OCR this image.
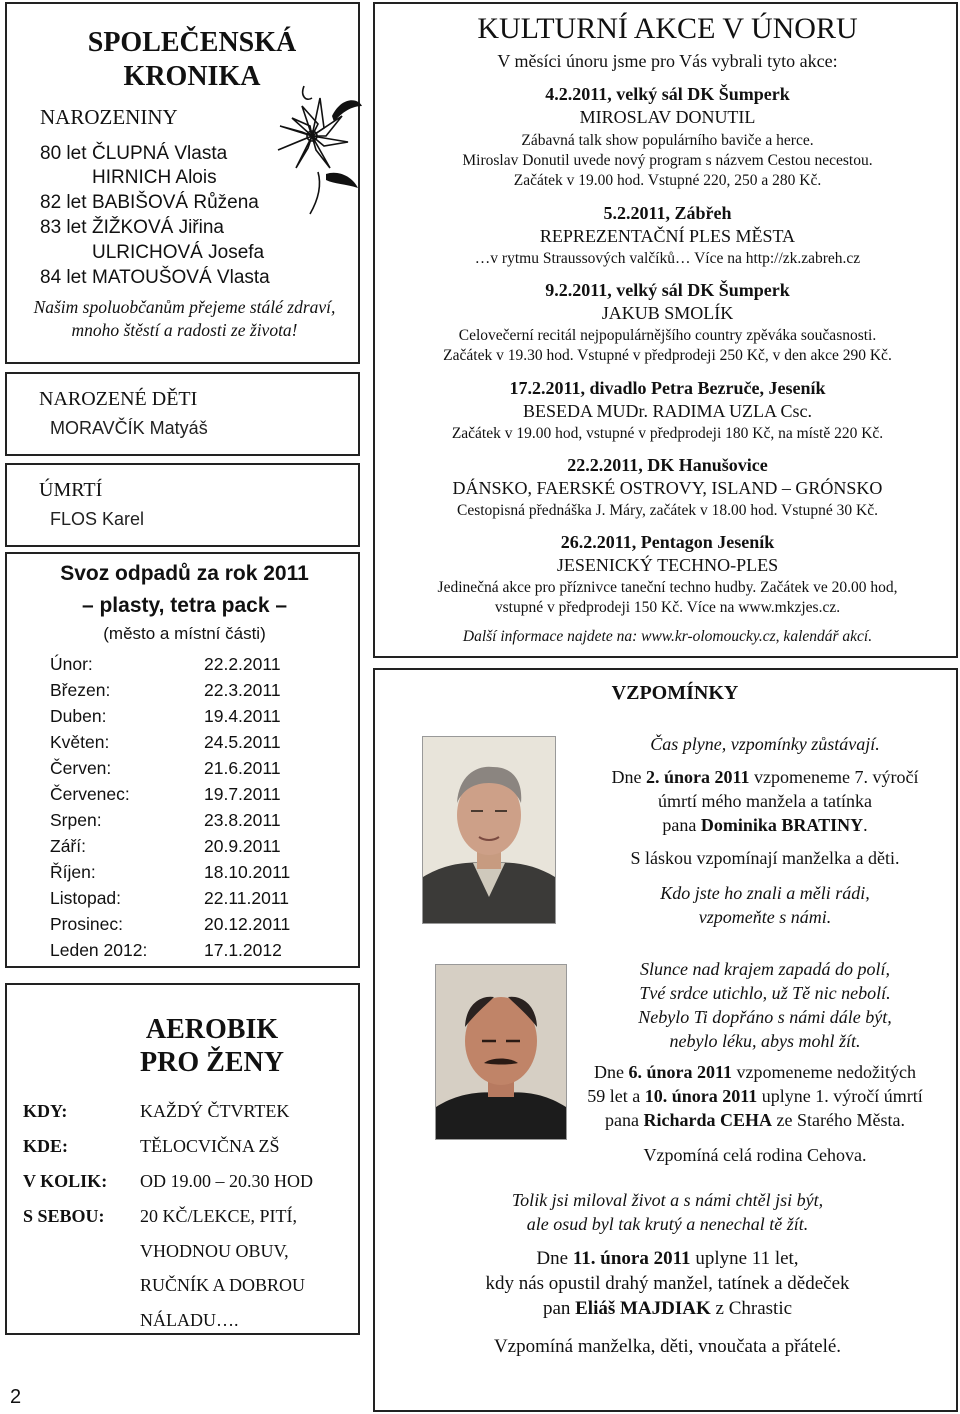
SPOLEČENSKÁ
KRONIKA
NAROZENINY
80 let ČLUPNÁ Vlasta
HIRNICH Alois
82 let BABIŠOVÁ Růžena
83 let ŽIŽKOVÁ Jiřina
ULRICHOVÁ Josefa
84 let MATOUŠOVÁ Vlasta
Našim spoluobčanům přejeme stálé zdraví,
mnoho štěstí a radosti ze života!
NAROZENÉ DĚTI
MORAVČÍK Matyáš
ÚMRTÍ
FLOS Karel
Svoz odpadů za rok 2011
– plasty, tetra pack –
(město a místní části)
Únor:	22.2.2011
Březen:	22.3.2011
Duben:	19.4.2011
Květen:	24.5.2011
Červen:	21.6.2011
Červenec:	19.7.2011
Srpen:	23.8.2011
Září:	20.9.2011
Říjen:	18.10.2011
Listopad:	22.11.2011
Prosinec:	20.12.2011
Leden 2012:	17.1.2012
AEROBIK
PRO ŽENY
KDY:	KAŽDÝ ČTVRTEK
KDE:	TĚLOCVIČNA ZŠ
V KOLIK: OD 19.00 – 20.30 HOD
S SEBOU: 20 KČ/LEKCE, PITÍ,
VHODNOU OBUV,
RUČNÍK A DOBROU
NÁLADU….
2
KULTURNÍ AKCE V ÚNORU
V měsíci únoru jsme pro Vás vybrali tyto akce:
4.2.2011, velký sál DK Šumperk
MIROSLAV DONUTIL
Zábavná talk show populárního baviče a herce.
Miroslav Donutil uvede nový program s názvem Cestou necestou.
Začátek v 19.00 hod. Vstupné 220, 250 a 280 Kč.
5.2.2011, Zábřeh
REPREZENTAČNÍ PLES MĚSTA
…v rytmu Straussových valčíků… Více na http://zk.zabreh.cz
9.2.2011, velký sál DK Šumperk
JAKUB SMOLÍK
Celovečerní recitál nejpopulárnějšího country zpěváka současnosti.
Začátek v 19.30 hod. Vstupné v předprodeji 250 Kč, v den akce 290 Kč.
17.2.2011, divadlo Petra Bezruče, Jeseník
BESEDA MUDr. RADIMA UZLA Csc.
Začátek v 19.00 hod, vstupné v předprodeji 180 Kč, na místě 220 Kč.
22.2.2011, DK Hanušovice
DÁNSKO, FAERSKÉ OSTROVY, ISLAND – GRÓNSKO
Cestopisná přednáška J. Máry, začátek v 18.00 hod. Vstupné 30 Kč.
26.2.2011, Pentagon Jeseník
JESENICKÝ TECHNO-PLES
Jedinečná akce pro příznivce taneční techno hudby. Začátek ve 20.00 hod,
vstupné v předprodeji 150 Kč. Více na www.mkzjes.cz.
Další informace najdete na: www.kr-olomoucky.cz, kalendář akcí.
VZPOMÍNKY
Čas plyne, vzpomínky zůstávají.
Dne 2. února 2011 vzpomeneme 7. výročí
úmrtí mého manžela a tatínka
pana Dominika BRATINY.
S láskou vzpomínají manželka a děti.
Kdo jste ho znali a měli rádi,
vzpomeňte s námi.
Slunce nad krajem zapadá do polí,
Tvé srdce utichlo, už Tě nic nebolí.
Nebylo Ti dopřáno s námi dále být,
nebylo léku, abys mohl žít.
Dne 6. února 2011 vzpomeneme nedožitých
59 let a 10. února 2011 uplyne 1. výročí úmrtí
pana Richarda CEHA ze Starého Města.
Vzpomíná celá rodina Cehova.
Tolik jsi miloval život a s námi chtěl jsi být,
ale osud byl tak krutý a nenechal tě žít.
Dne 11. února 2011 uplyne 11 let,
kdy nás opustil drahý manžel, tatínek a dědeček
pan Eliáš MAJDIAK z Chrastic
Vzpomíná manželka, děti, vnoučata a přátelé.
